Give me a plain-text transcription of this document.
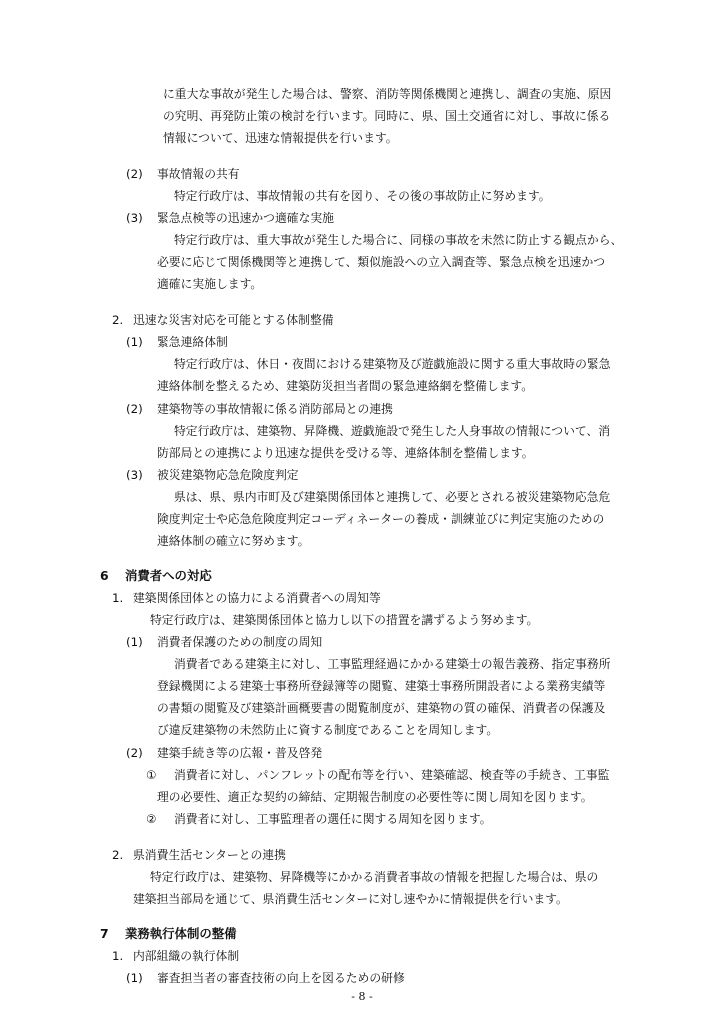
に重大な事故が発生した場合は、警察、消防等関係機関と連携し、調査の実施、原因
の究明、再発防止策の検討を行います。同時に、県、国土交通省に対し、事故に係る
情報について、迅速な情報提供を行います。
(2) 事故情報の共有
特定行政庁は、事故情報の共有を図り、その後の事故防止に努めます。
(3) 緊急点検等の迅速かつ適確な実施
特定行政庁は、重大事故が発生した場合に、同様の事故を未然に防止する観点から、
必要に応じて関係機関等と連携して、類似施設への立入調査等、緊急点検を迅速かつ
適確に実施します。
2. 迅速な災害対応を可能とする体制整備
(1) 緊急連絡体制
特定行政庁は、休日・夜間における建築物及び遊戯施設に関する重大事故時の緊急
連絡体制を整えるため、建築防災担当者間の緊急連絡網を整備します。
(2) 建築物等の事故情報に係る消防部局との連携
特定行政庁は、建築物、昇降機、遊戯施設で発生した人身事故の情報について、消
防部局との連携により迅速な提供を受ける等、連絡体制を整備します。
(3) 被災建築物応急危険度判定
県は、県、県内市町及び建築関係団体と連携して、必要とされる被災建築物応急危
険度判定士や応急危険度判定コーディネーターの養成・訓練並びに判定実施のための
連絡体制の確立に努めます。
6 消費者への対応
1. 建築関係団体との協力による消費者への周知等
特定行政庁は、建築関係団体と協力し以下の措置を講ずるよう努めます。
(1) 消費者保護のための制度の周知
消費者である建築主に対し、工事監理経過にかかる建築士の報告義務、指定事務所
登録機関による建築士事務所登録簿等の閲覧、建築士事務所開設者による業務実績等
の書類の閲覧及び建築計画概要書の閲覧制度が、建築物の質の確保、消費者の保護及
び違反建築物の未然防止に資する制度であることを周知します。
(2) 建築手続き等の広報・普及啓発
① 消費者に対し、パンフレットの配布等を行い、建築確認、検査等の手続き、工事監
理の必要性、適正な契約の締結、定期報告制度の必要性等に関し周知を図ります。
② 消費者に対し、工事監理者の選任に関する周知を図ります。
2. 県消費生活センターとの連携
特定行政庁は、建築物、昇降機等にかかる消費者事故の情報を把握した場合は、県の
建築担当部局を通じて、県消費生活センターに対し速やかに情報提供を行います。
7 業務執行体制の整備
1. 内部組織の執行体制
(1) 審査担当者の審査技術の向上を図るための研修
- 8 -
